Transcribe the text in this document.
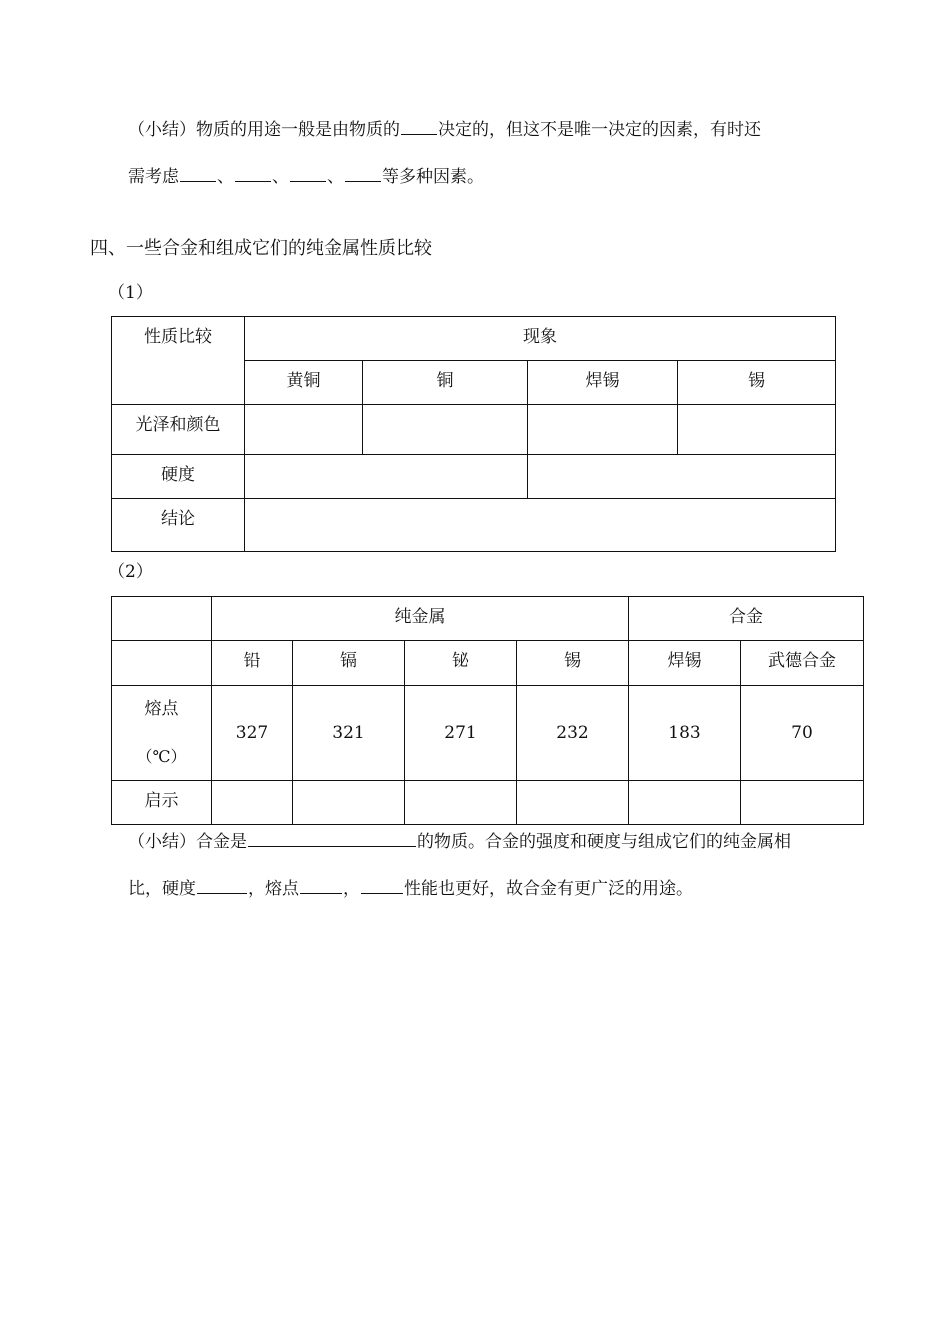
（小结）物质的用途一般是由物质的 决定的，但这不是唯一决定的因素，有时还
需考虑 、 、 、 等多种因素。
四、一些合金和组成它们的纯金属性质比较
（1）
性质比较	现象			

	黄铜	铜	焊锡	锡

光泽和颜色				

硬度				

结论				

（2）

	纯金属				合金	

	铅	镉	铋	锡	焊锡	武德合金

熔点
（℃）	327	321	271	232	183	70

启示						

（小结）合金是	的物质。合金的强度和硬度与组成它们的纯金属相
比，硬度	，熔点	，	性能也更好，故合金有更广泛的用途。
